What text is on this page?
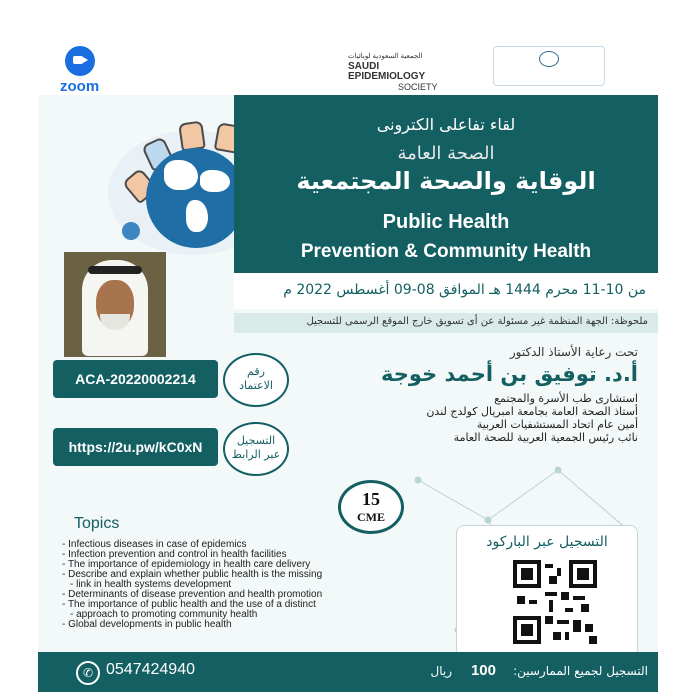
zoom
الجمعية السعودية لوبائيات
SAUDI
EPIDEMIOLOGY
SOCIETY
لقاء تفاعلى الكترونى
الصحة العامة
الوقاية والصحة المجتمعية
Public Health
Prevention & Community Health
من 10-11 محرم 1444 هـ الموافق 08-09 أغسطس 2022 م
ملحوظة: الجهة المنظمة غير مسئولة عن أى تسويق خارج الموقع الرسمى للتسجيل
تحت رعاية الأستاذ الدكتور
أ.د. توفيق بن أحمد خوجة
استشارى طب الأسرة والمجتمع
أستاذ الصحة العامة بجامعة امبريال كولدج لندن
أمين عام اتحاد المستشفيات العربية
نائب رئيس الجمعية العربية للصحة العامة
ACA-20220002214	رقم
الاعتماد
https://2u.pw/kC0xN	التسجيل
عبر الرابط
15
CME
Topics
- Infectious diseases in case of epidemics
- Infection prevention and control in health facilities
- The importance of epidemiology in health care delivery
- Describe and explain whether public health is the missing
- link in health systems development
- Determinants of disease prevention and health promotion
- The importance of public health and the use of a distinct
- approach to promoting community health
- Global developments in public health
التسجيل عبر الباركود
✆ 0547424940	ريال 100 التسجيل لجميع الممارسين:
